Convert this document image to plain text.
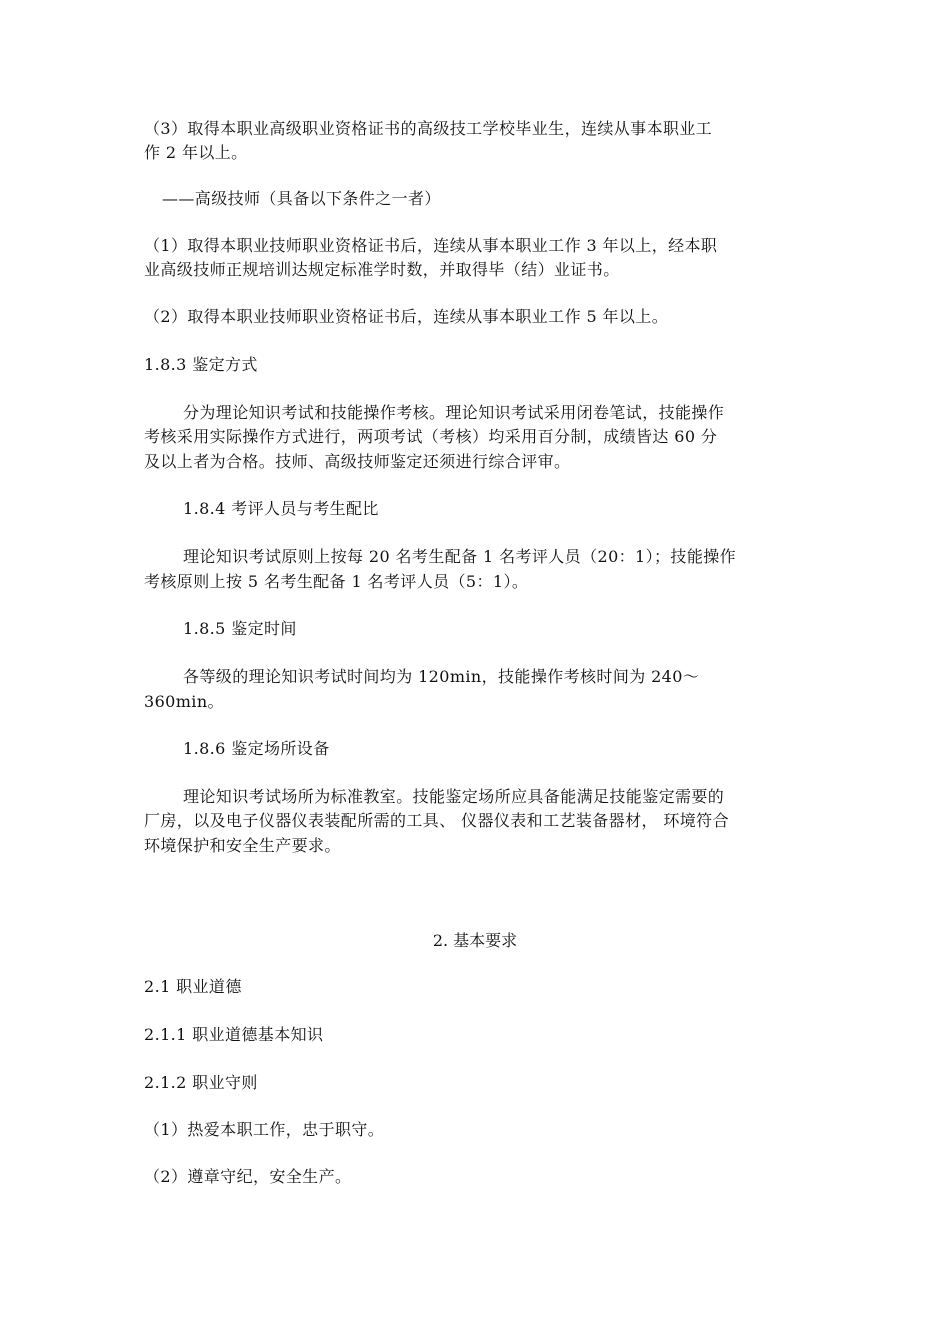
（3）取得本职业高级职业资格证书的高级技工学校毕业生，连续从事本职业工
作 2 年以上。
——高级技师（具备以下条件之一者）
（1）取得本职业技师职业资格证书后，连续从事本职业工作 3 年以上，经本职
业高级技师正规培训达规定标准学时数，并取得毕（结）业证书。
（2）取得本职业技师职业资格证书后，连续从事本职业工作 5 年以上。
1.8.3 鉴定方式
分为理论知识考试和技能操作考核。理论知识考试采用闭卷笔试，技能操作
考核采用实际操作方式进行，两项考试（考核）均采用百分制，成绩皆达 60 分
及以上者为合格。技师、高级技师鉴定还须进行综合评审。
1.8.4 考评人员与考生配比
理论知识考试原则上按每 20 名考生配备 1 名考评人员（20：1）；技能操作
考核原则上按 5 名考生配备 1 名考评人员（5：1）。
1.8.5 鉴定时间
各等级的理论知识考试时间均为 120min，技能操作考核时间为 240～
360min。
1.8.6 鉴定场所设备
理论知识考试场所为标准教室。技能鉴定场所应具备能满足技能鉴定需要的
厂房，以及电子仪器仪表装配所需的工具、 仪器仪表和工艺装备器材， 环境符合
环境保护和安全生产要求。
2. 基本要求
2.1 职业道德
2.1.1 职业道德基本知识
2.1.2 职业守则
（1）热爱本职工作，忠于职守。
（2）遵章守纪，安全生产。
